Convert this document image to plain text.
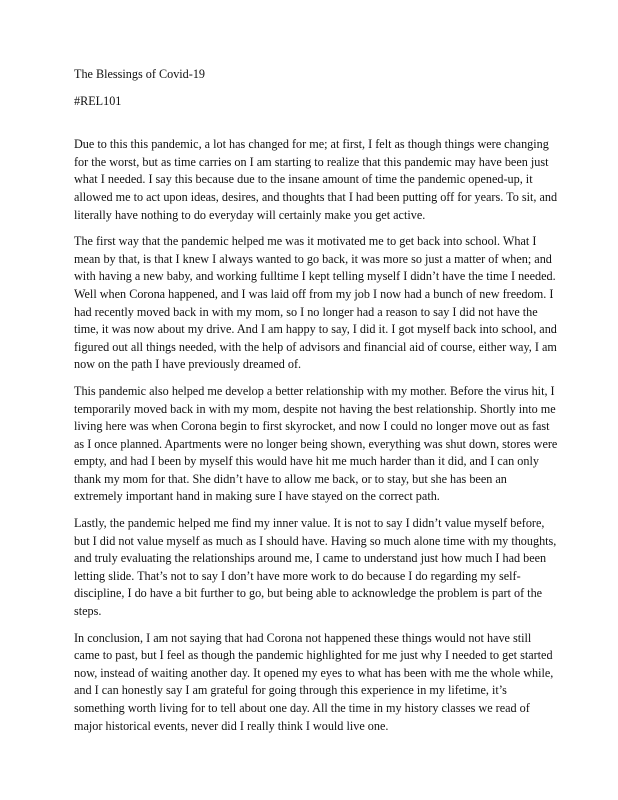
The Blessings of Covid-19
#REL101

Due to this this pandemic, a lot has changed for me; at first, I felt as though things were changing for the worst, but as time carries on I am starting to realize that this pandemic may have been just what I needed. I say this because due to the insane amount of time the pandemic opened-up, it allowed me to act upon ideas, desires, and thoughts that I had been putting off for years. To sit, and literally have nothing to do everyday will certainly make you get active.

The first way that the pandemic helped me was it motivated me to get back into school. What I mean by that, is that I knew I always wanted to go back, it was more so just a matter of when; and with having a new baby, and working fulltime I kept telling myself I didn’t have the time I needed. Well when Corona happened, and I was laid off from my job I now had a bunch of new freedom. I had recently moved back in with my mom, so I no longer had a reason to say I did not have the time, it was now about my drive. And I am happy to say, I did it. I got myself back into school, and figured out all things needed, with the help of advisors and financial aid of course, either way, I am now on the path I have previously dreamed of.

This pandemic also helped me develop a better relationship with my mother. Before the virus hit, I temporarily moved back in with my mom, despite not having the best relationship. Shortly into me living here was when Corona begin to first skyrocket, and now I could no longer move out as fast as I once planned. Apartments were no longer being shown, everything was shut down, stores were empty, and had I been by myself this would have hit me much harder than it did, and I can only thank my mom for that. She didn’t have to allow me back, or to stay, but she has been an extremely important hand in making sure I have stayed on the correct path.

Lastly, the pandemic helped me find my inner value. It is not to say I didn’t value myself before, but I did not value myself as much as I should have. Having so much alone time with my thoughts, and truly evaluating the relationships around me, I came to understand just how much I had been letting slide. That’s not to say I don’t have more work to do because I do regarding my self-discipline, I do have a bit further to go, but being able to acknowledge the problem is part of the steps.

In conclusion, I am not saying that had Corona not happened these things would not have still came to past, but I feel as though the pandemic highlighted for me just why I needed to get started now, instead of waiting another day. It opened my eyes to what has been with me the whole while, and I can honestly say I am grateful for going through this experience in my lifetime, it’s something worth living for to tell about one day. All the time in my history classes we read of major historical events, never did I really think I would live one.
